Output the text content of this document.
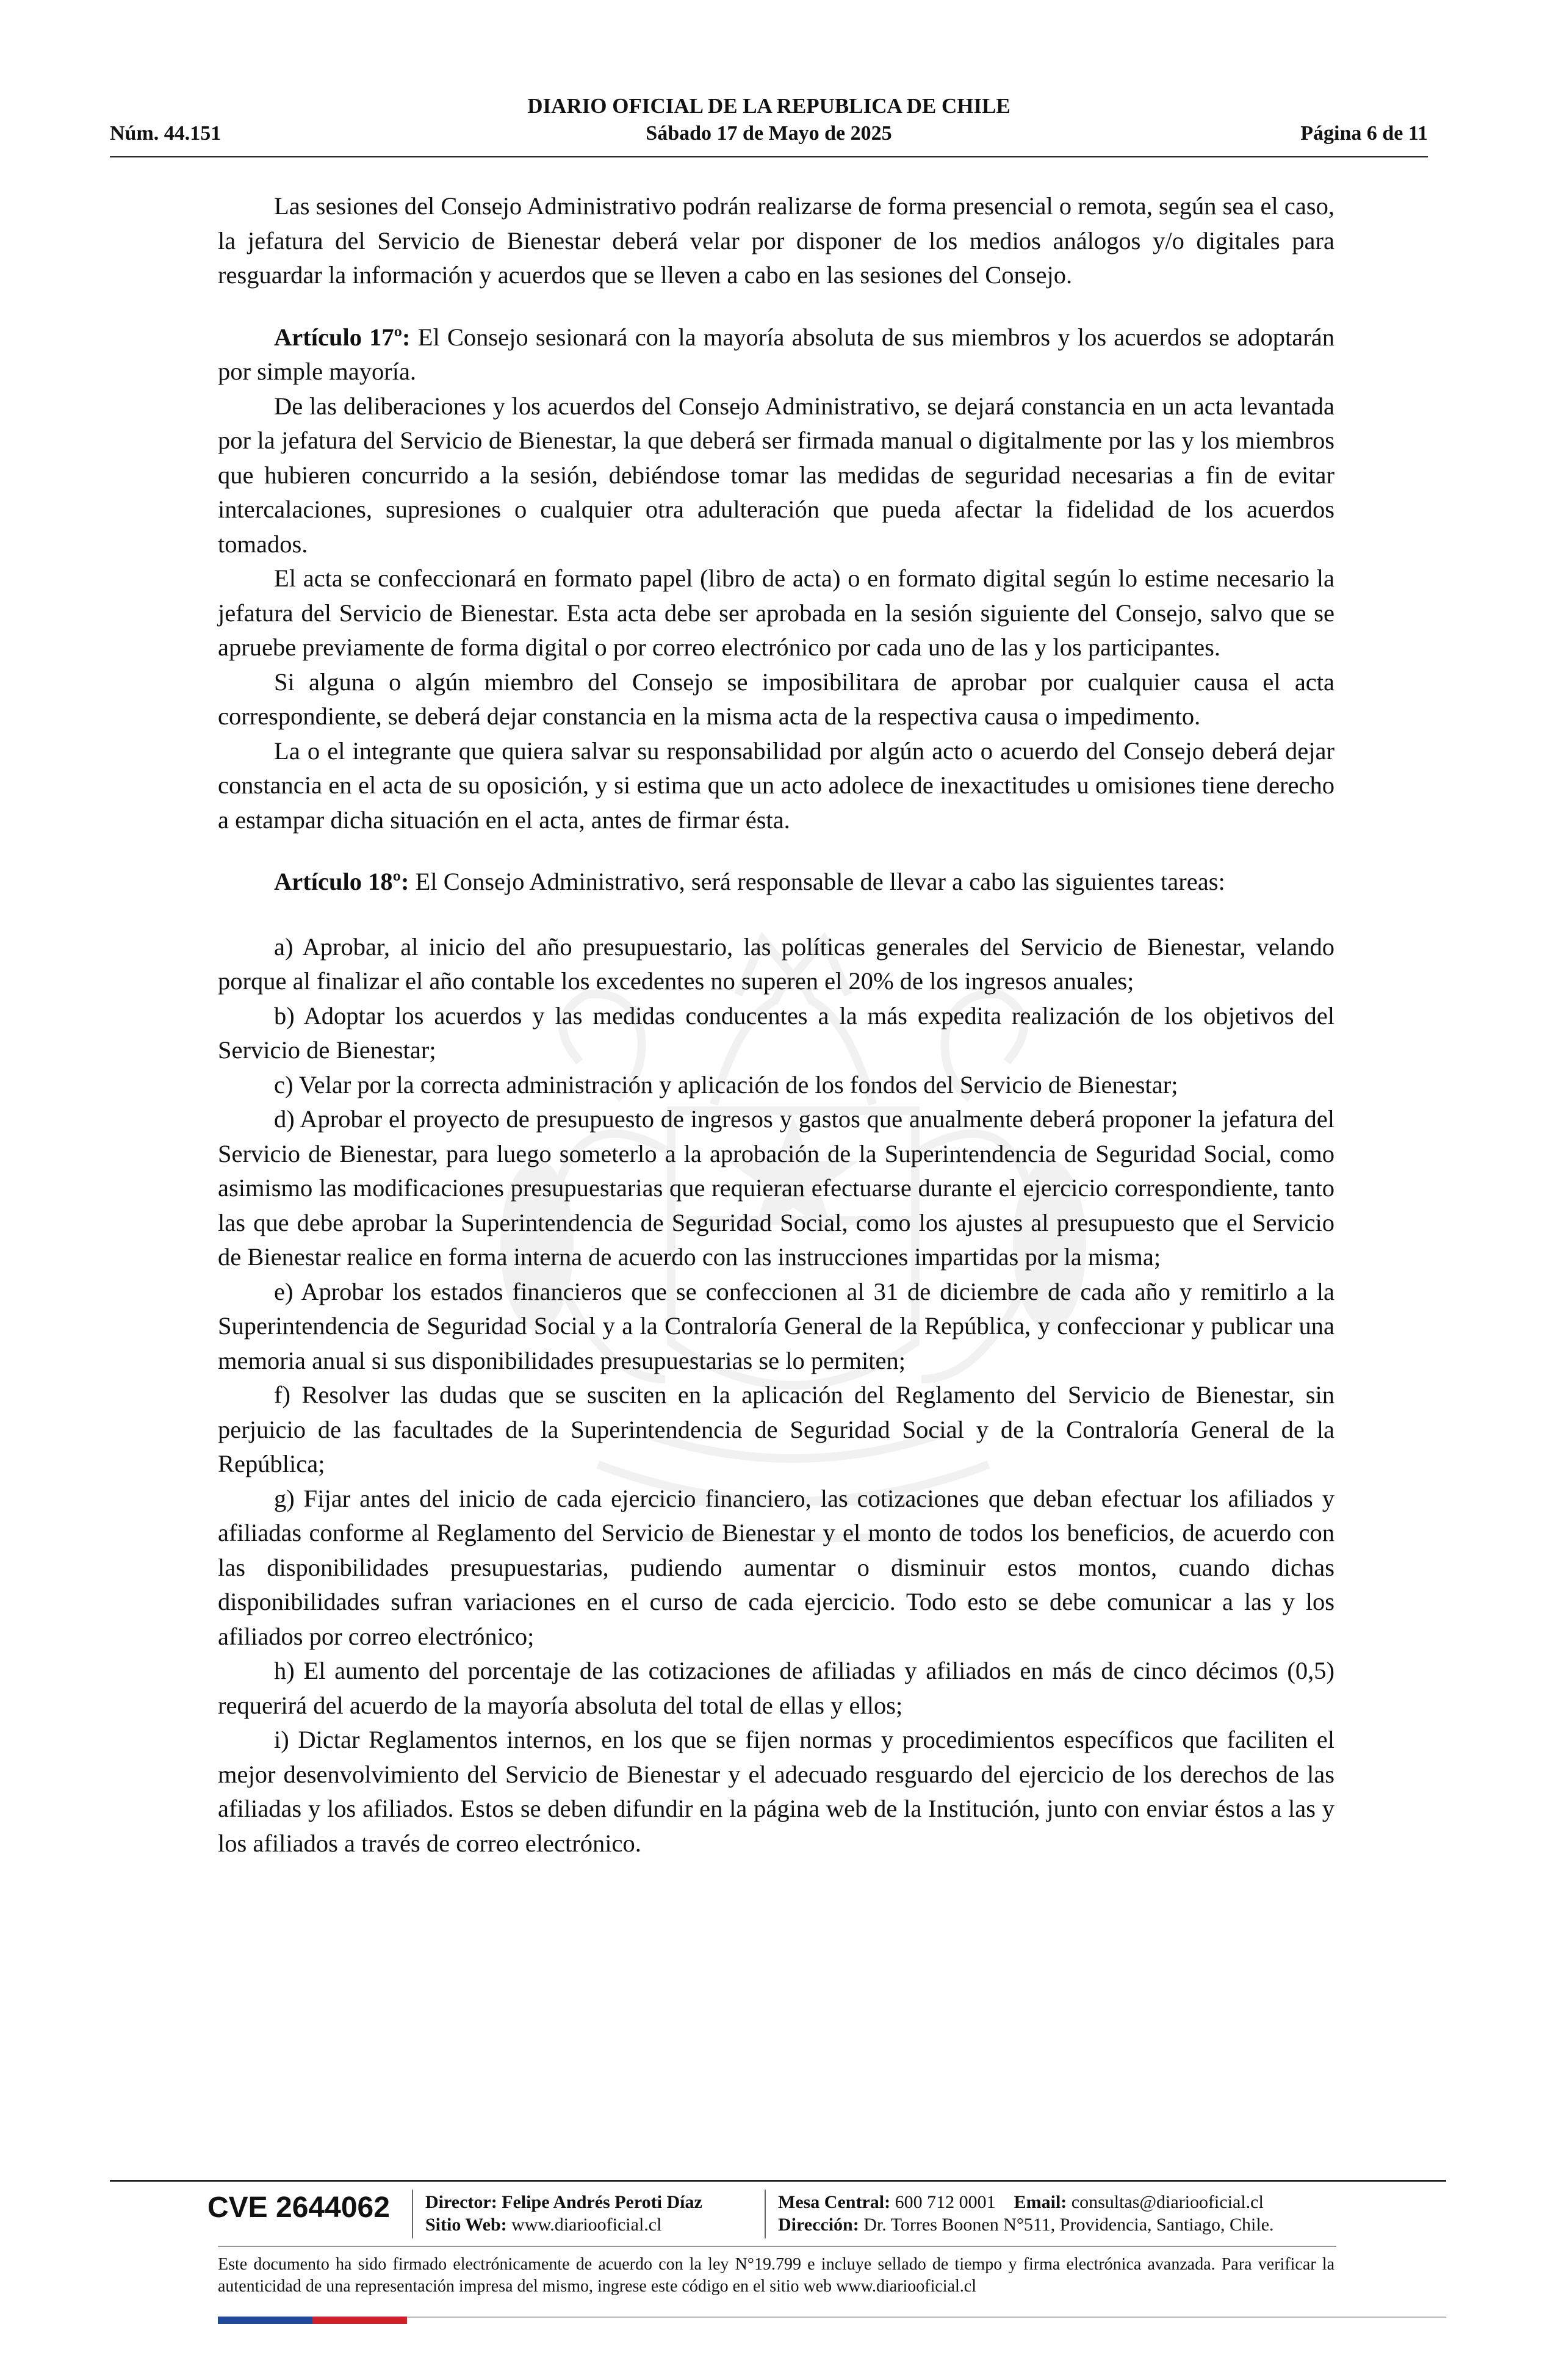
DIARIO OFICIAL DE LA REPUBLICA DE CHILE
Núm. 44.151	Sábado 17 de Mayo de 2025	Página 6 de 11

Las sesiones del Consejo Administrativo podrán realizarse de forma presencial o remota, según sea el caso, la jefatura del Servicio de Bienestar deberá velar por disponer de los medios análogos y/o digitales para resguardar la información y acuerdos que se lleven a cabo en las sesiones del Consejo.

Artículo 17º: El Consejo sesionará con la mayoría absoluta de sus miembros y los acuerdos se adoptarán por simple mayoría.

De las deliberaciones y los acuerdos del Consejo Administrativo, se dejará constancia en un acta levantada por la jefatura del Servicio de Bienestar, la que deberá ser firmada manual o digitalmente por las y los miembros que hubieren concurrido a la sesión, debiéndose tomar las medidas de seguridad necesarias a fin de evitar intercalaciones, supresiones o cualquier otra adulteración que pueda afectar la fidelidad de los acuerdos tomados.

El acta se confeccionará en formato papel (libro de acta) o en formato digital según lo estime necesario la jefatura del Servicio de Bienestar. Esta acta debe ser aprobada en la sesión siguiente del Consejo, salvo que se apruebe previamente de forma digital o por correo electrónico por cada uno de las y los participantes.

Si alguna o algún miembro del Consejo se imposibilitara de aprobar por cualquier causa el acta correspondiente, se deberá dejar constancia en la misma acta de la respectiva causa o impedimento.

La o el integrante que quiera salvar su responsabilidad por algún acto o acuerdo del Consejo deberá dejar constancia en el acta de su oposición, y si estima que un acto adolece de inexactitudes u omisiones tiene derecho a estampar dicha situación en el acta, antes de firmar ésta.

Artículo 18º: El Consejo Administrativo, será responsable de llevar a cabo las siguientes tareas:

a) Aprobar, al inicio del año presupuestario, las políticas generales del Servicio de Bienestar, velando porque al finalizar el año contable los excedentes no superen el 20% de los ingresos anuales;

b) Adoptar los acuerdos y las medidas conducentes a la más expedita realización de los objetivos del Servicio de Bienestar;

c) Velar por la correcta administración y aplicación de los fondos del Servicio de Bienestar;

d) Aprobar el proyecto de presupuesto de ingresos y gastos que anualmente deberá proponer la jefatura del Servicio de Bienestar, para luego someterlo a la aprobación de la Superintendencia de Seguridad Social, como asimismo las modificaciones presupuestarias que requieran efectuarse durante el ejercicio correspondiente, tanto las que debe aprobar la Superintendencia de Seguridad Social, como los ajustes al presupuesto que el Servicio de Bienestar realice en forma interna de acuerdo con las instrucciones impartidas por la misma;

e) Aprobar los estados financieros que se confeccionen al 31 de diciembre de cada año y remitirlo a la Superintendencia de Seguridad Social y a la Contraloría General de la República, y confeccionar y publicar una memoria anual si sus disponibilidades presupuestarias se lo permiten;

f) Resolver las dudas que se susciten en la aplicación del Reglamento del Servicio de Bienestar, sin perjuicio de las facultades de la Superintendencia de Seguridad Social y de la Contraloría General de la República;

g) Fijar antes del inicio de cada ejercicio financiero, las cotizaciones que deban efectuar los afiliados y afiliadas conforme al Reglamento del Servicio de Bienestar y el monto de todos los beneficios, de acuerdo con las disponibilidades presupuestarias, pudiendo aumentar o disminuir estos montos, cuando dichas disponibilidades sufran variaciones en el curso de cada ejercicio. Todo esto se debe comunicar a las y los afiliados por correo electrónico;

h) El aumento del porcentaje de las cotizaciones de afiliadas y afiliados en más de cinco décimos (0,5) requerirá del acuerdo de la mayoría absoluta del total de ellas y ellos;

i) Dictar Reglamentos internos, en los que se fijen normas y procedimientos específicos que faciliten el mejor desenvolvimiento del Servicio de Bienestar y el adecuado resguardo del ejercicio de los derechos de las afiliadas y los afiliados. Estos se deben difundir en la página web de la Institución, junto con enviar éstos a las y los afiliados a través de correo electrónico.

CVE 2644062 Director: Felipe Andrés Peroti Díaz
Sitio Web: www.diariooficial.cl
Mesa Central: 600 712 0001 Email: consultas@diariooficial.cl
Dirección: Dr. Torres Boonen N°511, Providencia, Santiago, Chile.
Este documento ha sido firmado electrónicamente de acuerdo con la ley N°19.799 e incluye sellado de tiempo y firma electrónica avanzada. Para verificar la autenticidad de una representación impresa del mismo, ingrese este código en el sitio web www.diariooficial.cl
